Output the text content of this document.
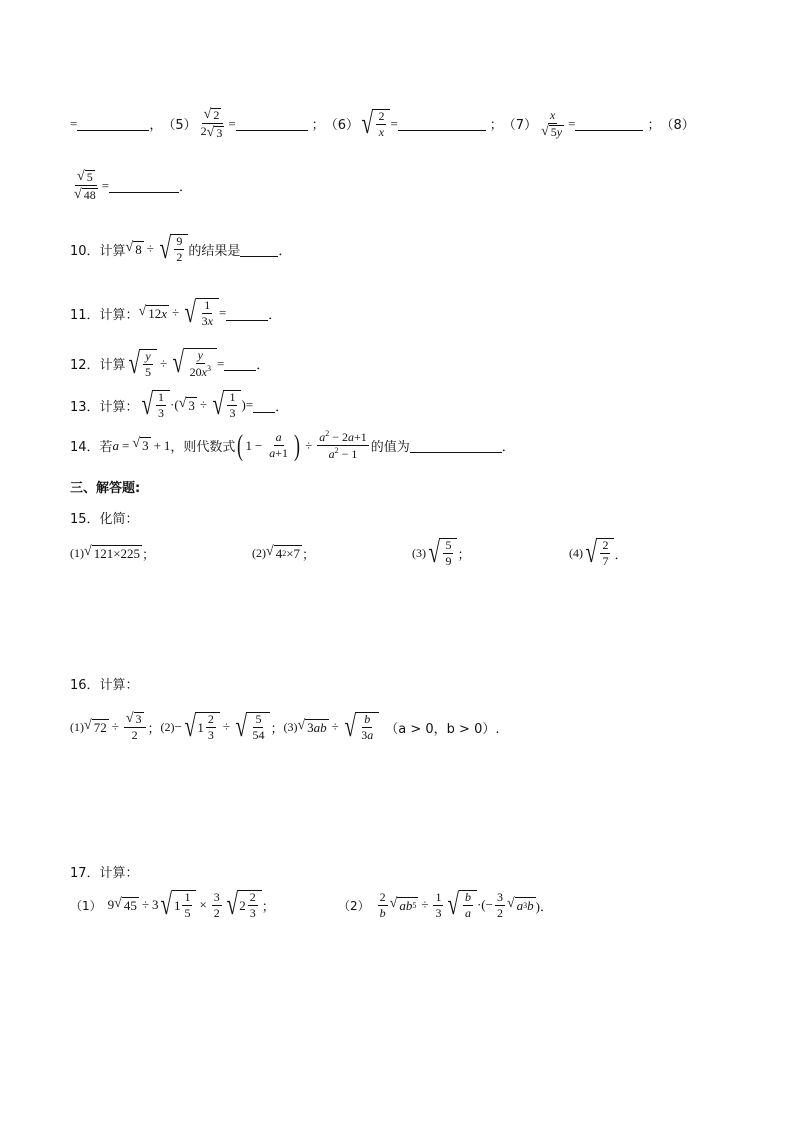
=	， $(5) \frac{√ 2}{2 √ 3}$ =	； （6） √ $\frac{2}{x}$ =	； $(7) \frac{x}{√ 5 y}$ =	； （8）
$\frac{√ 5}{√ 48}$ =	．
10．计算 √ 8 ÷ √ $\frac{9}{2}$ 的结果是	．
11．计算： √ 12 x ÷ √ $\frac{1}{3x}$ =	．
12．计算 √ $\frac{y}{5}$ ÷ √ $\frac{y}{20x^3}$ = ．
13．计算： √ $\frac{1}{3}$ ·( √ 3 ÷ √ $\frac{1}{3}$ )= ．
14．若 a = √ 3 + 1 ，则代数式 ( $1 - \frac{a}{a+1}$ ) ÷ $\frac{a^2 - 2a+1}{a^2 - 1}$ 的值为	．
三、解答题:
15．化简：
(1) √ 121×225 ；	(2) √ 4 2 ×7 ；	(3) √ $\frac{5}{9}$ ；	(4) √ $\frac{2}{7}$ ．
16．计算：
(1) √ $72 \div \frac{√ 3}{2}$ ； (2) − √ $1 \frac{2}{3}$ ÷ √ $\frac{5}{54}$ ； (3) √ 3 ab ÷ √ $\frac{b}{3a} (a > 0$，b > 0）.
17．计算：
（1） 9 √ 45 ÷ 3 √ $1 \frac{1}{5} \times \frac{3}{2}$ √ $2 \frac{2}{3}$ ；	$(2) \frac{2}{b}$ √ ab $5 \div \frac{1}{3}$ √ $\frac{b}{a}$ ·(− $\frac{3}{2}$ √ a 3 b )．
